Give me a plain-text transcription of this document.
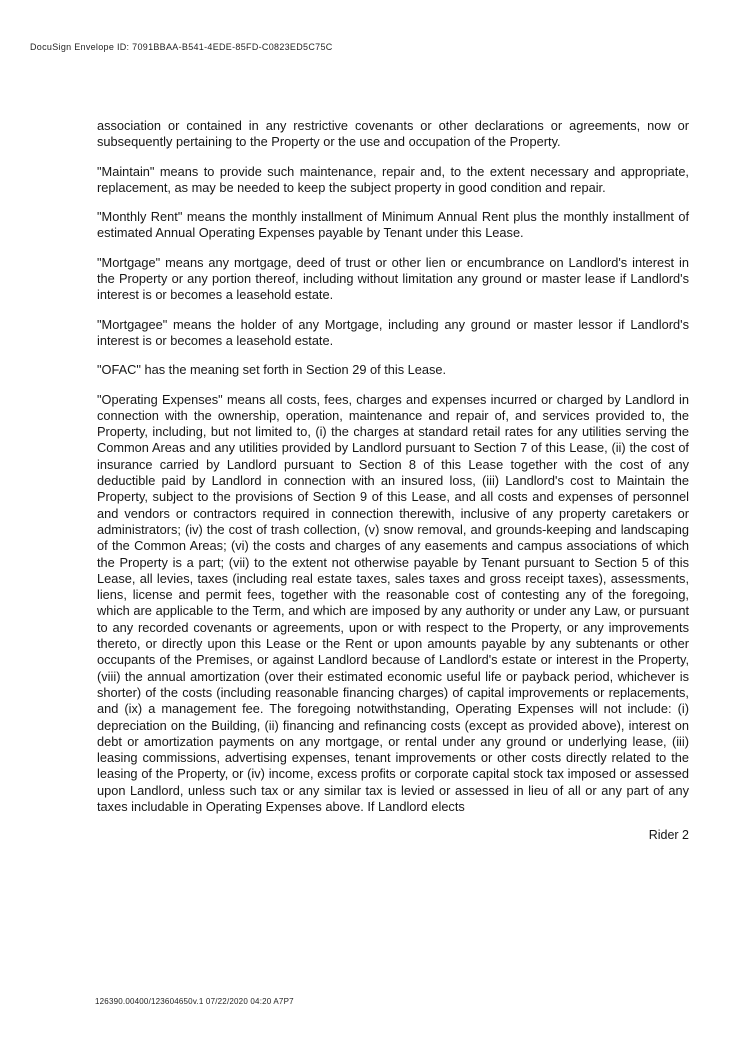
DocuSign Envelope ID: 7091BBAA-B541-4EDE-85FD-C0823ED5C75C

association or contained in any restrictive covenants or other declarations or agreements, now or subsequently pertaining to the Property or the use and occupation of the Property.

"Maintain" means to provide such maintenance, repair and, to the extent necessary and appropriate, replacement, as may be needed to keep the subject property in good condition and repair.

"Monthly Rent" means the monthly installment of Minimum Annual Rent plus the monthly installment of estimated Annual Operating Expenses payable by Tenant under this Lease.

"Mortgage" means any mortgage, deed of trust or other lien or encumbrance on Landlord's interest in the Property or any portion thereof, including without limitation any ground or master lease if Landlord's interest is or becomes a leasehold estate.

"Mortgagee" means the holder of any Mortgage, including any ground or master lessor if Landlord's interest is or becomes a leasehold estate.

"OFAC" has the meaning set forth in Section 29 of this Lease.

"Operating Expenses" means all costs, fees, charges and expenses incurred or charged by Landlord in connection with the ownership, operation, maintenance and repair of, and services provided to, the Property, including, but not limited to, (i) the charges at standard retail rates for any utilities serving the Common Areas and any utilities provided by Landlord pursuant to Section 7 of this Lease, (ii) the cost of insurance carried by Landlord pursuant to Section 8 of this Lease together with the cost of any deductible paid by Landlord in connection with an insured loss, (iii) Landlord's cost to Maintain the Property, subject to the provisions of Section 9 of this Lease, and all costs and expenses of personnel and vendors or contractors required in connection therewith, inclusive of any property caretakers or administrators; (iv) the cost of trash collection, (v) snow removal, and grounds-keeping and landscaping of the Common Areas; (vi) the costs and charges of any easements and campus associations of which the Property is a part; (vii) to the extent not otherwise payable by Tenant pursuant to Section 5 of this Lease, all levies, taxes (including real estate taxes, sales taxes and gross receipt taxes), assessments, liens, license and permit fees, together with the reasonable cost of contesting any of the foregoing, which are applicable to the Term, and which are imposed by any authority or under any Law, or pursuant to any recorded covenants or agreements, upon or with respect to the Property, or any improvements thereto, or directly upon this Lease or the Rent or upon amounts payable by any subtenants or other occupants of the Premises, or against Landlord because of Landlord's estate or interest in the Property, (viii) the annual amortization (over their estimated economic useful life or payback period, whichever is shorter) of the costs (including reasonable financing charges) of capital improvements or replacements, and (ix) a management fee. The foregoing notwithstanding, Operating Expenses will not include: (i) depreciation on the Building, (ii) financing and refinancing costs (except as provided above), interest on debt or amortization payments on any mortgage, or rental under any ground or underlying lease, (iii) leasing commissions, advertising expenses, tenant improvements or other costs directly related to the leasing of the Property, or (iv) income, excess profits or corporate capital stock tax imposed or assessed upon Landlord, unless such tax or any similar tax is levied or assessed in lieu of all or any part of any taxes includable in Operating Expenses above. If Landlord elects

Rider 2
126390.00400/123604650v.1 07/22/2020 04:20 A7P7
